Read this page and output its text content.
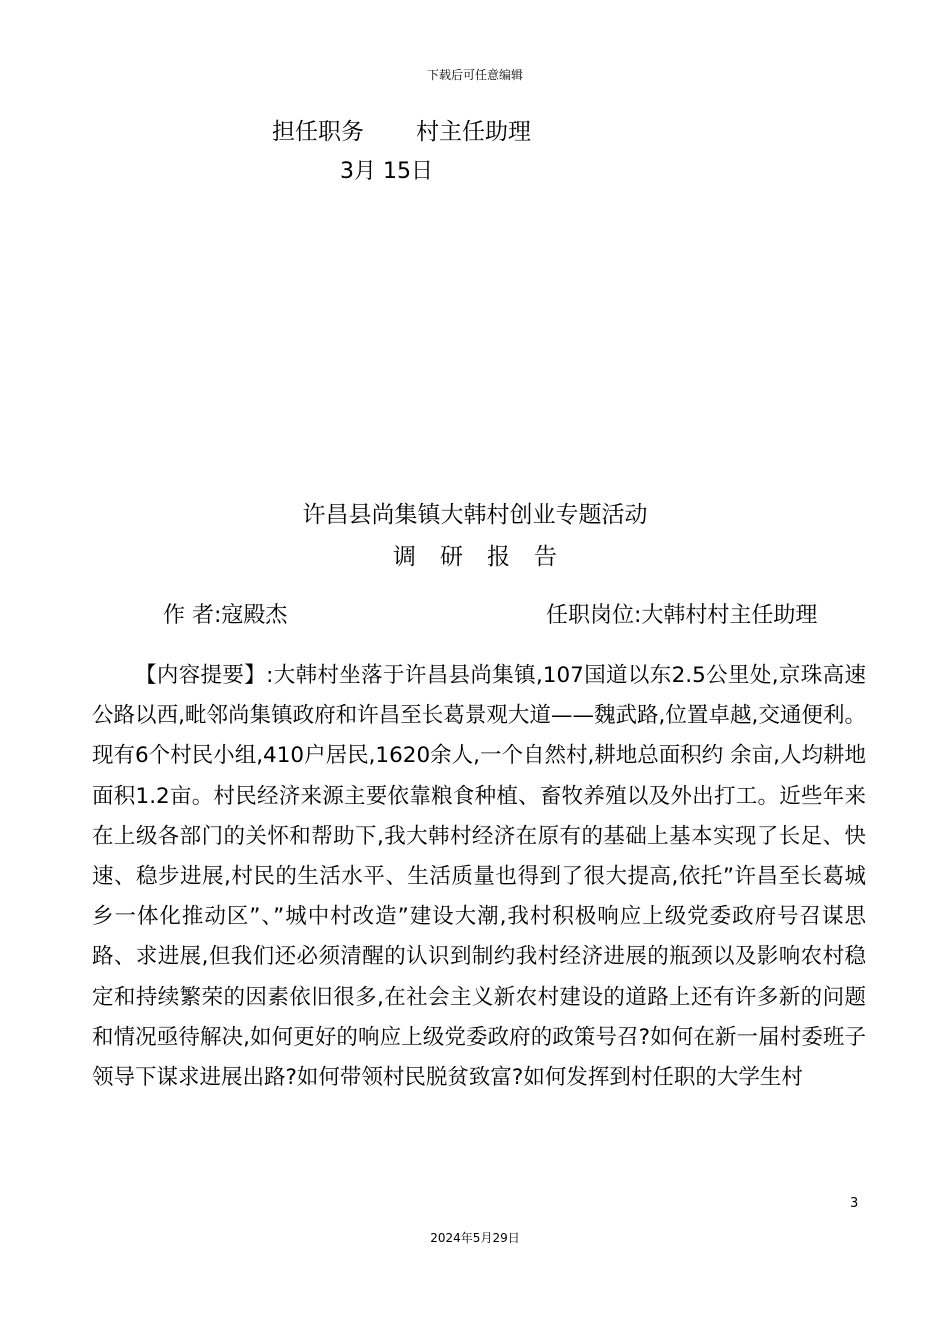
下载后可任意编辑
担任职务 村主任助理
3月 15日
许昌县尚集镇大韩村创业专题活动
调研报告
作 者:寇殿杰	任职岗位:大韩村村主任助理
【内容提要】:大韩村坐落于许昌县尚集镇,107国道以东2.5公里处,京珠高速公路以西,毗邻尚集镇政府和许昌至长葛景观大道——魏武路,位置卓越,交通便利。现有6个村民小组,410户居民,1620余人,一个自然村,耕地总面积约 余亩,人均耕地面积1.2亩。村民经济来源主要依靠粮食种植、畜牧养殖以及外出打工。近些年来在上级各部门的关怀和帮助下,我大韩村经济在原有的基础上基本实现了长足、快速、稳步进展,村民的生活水平、生活质量也得到了很大提高,依托”许昌至长葛城乡一体化推动区”、”城中村改造”建设大潮,我村积极响应上级党委政府号召谋思路、求进展,但我们还必须清醒的认识到制约我村经济进展的瓶颈以及影响农村稳定和持续繁荣的因素依旧很多,在社会主义新农村建设的道路上还有许多新的问题和情况亟待解决,如何更好的响应上级党委政府的政策号召?如何在新一届村委班子领导下谋求进展出路?如何带领村民脱贫致富?如何发挥到村任职的大学生村
3
2024年5月29日
